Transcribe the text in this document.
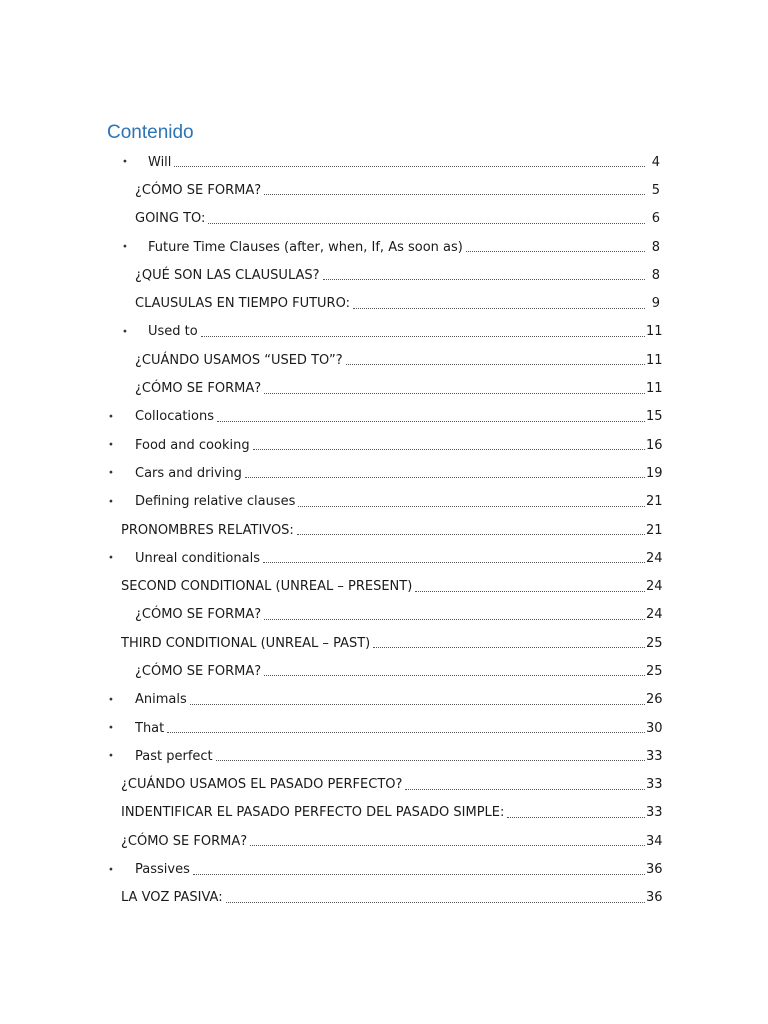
Contenido
• Will	4
¿CÓMO SE FORMA?	5
GOING TO:	6
• Future Time Clauses (after, when, If, As soon as)	8
¿QUÉ SON LAS CLAUSULAS?	8
CLAUSULAS EN TIEMPO FUTURO:	9
• Used to	11
¿CUÁNDO USAMOS “USED TO”?	11
¿CÓMO SE FORMA?	11
• Collocations	15
• Food and cooking	16
• Cars and driving	19
• Defining relative clauses	21
PRONOMBRES RELATIVOS:	21
• Unreal conditionals	24
SECOND CONDITIONAL (UNREAL – PRESENT)	24
¿CÓMO SE FORMA?	24
THIRD CONDITIONAL (UNREAL – PAST)	25
¿CÓMO SE FORMA?	25
• Animals	26
• That	30
• Past perfect	33
¿CUÁNDO USAMOS EL PASADO PERFECTO?	33
INDENTIFICAR EL PASADO PERFECTO DEL PASADO SIMPLE:	33
¿CÓMO SE FORMA?	34
• Passives	36
LA VOZ PASIVA:	36
